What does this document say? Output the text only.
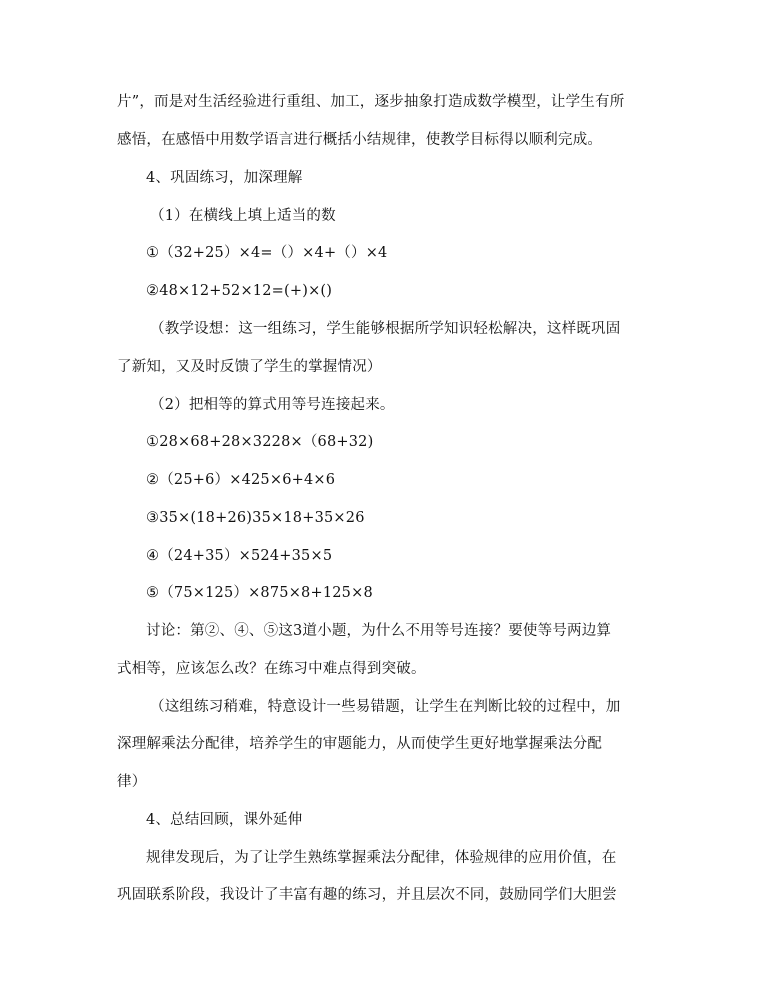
片”，而是对生活经验进行重组、加工，逐步抽象打造成数学模型，让学生有所
感悟，在感悟中用数学语言进行概括小结规律，使教学目标得以顺利完成。
4、巩固练习，加深理解
（1）在横线上填上适当的数
①（32+25）×4=（）×4+（）×4
②48×12+52×12=(+)×()
（教学设想：这一组练习，学生能够根据所学知识轻松解决，这样既巩固
了新知，又及时反馈了学生的掌握情况）
（2）把相等的算式用等号连接起来。
①28×68+28×3228×（68+32)
②（25+6）×425×6+4×6
③35×(18+26)35×18+35×26
④（24+35）×524+35×5
⑤（75×125）×875×8+125×8
讨论：第②、④、⑤这3道小题，为什么不用等号连接？要使等号两边算
式相等，应该怎么改？在练习中难点得到突破。
（这组练习稍难，特意设计一些易错题，让学生在判断比较的过程中，加
深理解乘法分配律，培养学生的审题能力，从而使学生更好地掌握乘法分配
律）
4、总结回顾，课外延伸
规律发现后，为了让学生熟练掌握乘法分配律，体验规律的应用价值，在
巩固联系阶段，我设计了丰富有趣的练习，并且层次不同，鼓励同学们大胆尝
